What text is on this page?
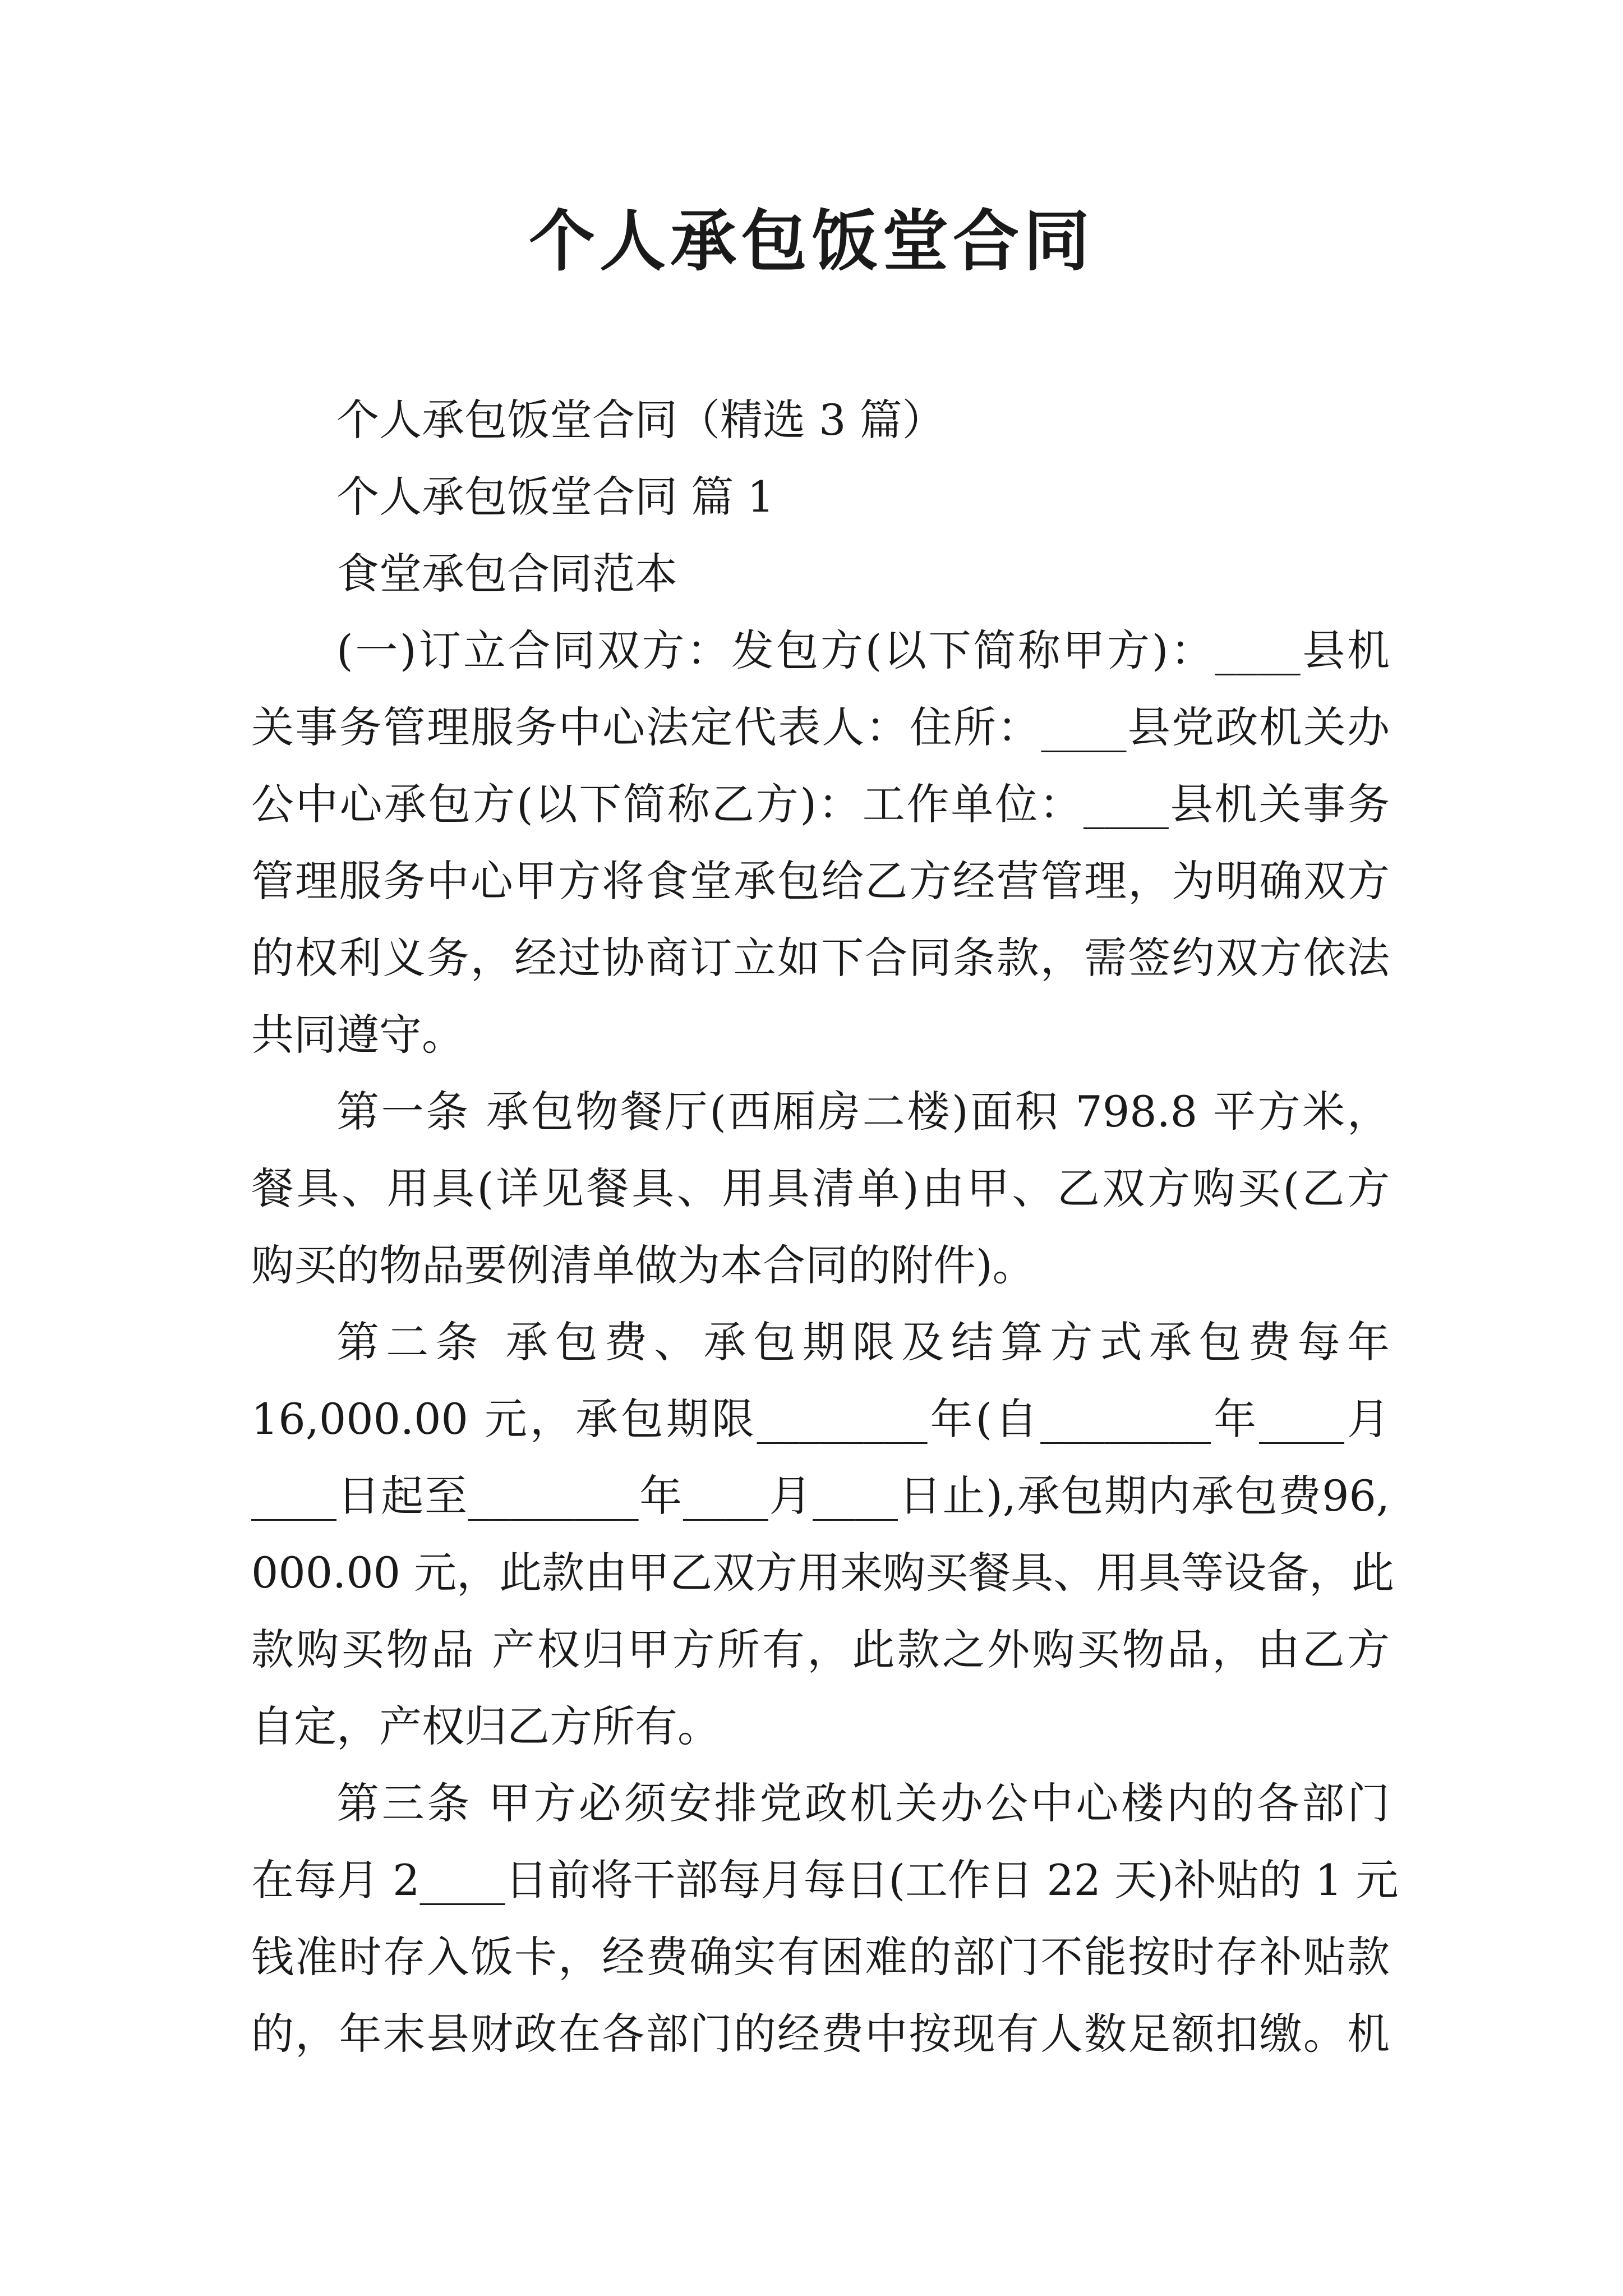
个人承包饭堂合同
个人承包饭堂合同（精选 3 篇）
个人承包饭堂合同 篇 1
食堂承包合同范本
(一)订立合同双方：发包方(以下简称甲方)：____县机
关事务管理服务中心法定代表人：住所：____县党政机关办
公中心承包方(以下简称乙方)：工作单位：____县机关事务
管理服务中心甲方将食堂承包给乙方经营管理，为明确双方
的权利义务，经过协商订立如下合同条款，需签约双方依法
共同遵守。
第一条 承包物餐厅(西厢房二楼)面积 798.8 平方米，
餐具、用具(详见餐具、用具清单)由甲、乙双方购买(乙方
购买的物品要例清单做为本合同的附件)。
第二条 承包费、承包期限及结算方式承包费每年
16,000.00 元，承包期限________年(自________年____月
____日起至________年____月____日止),承包期内承包费96,
000.00 元，此款由甲乙双方用来购买餐具、用具等设备，此
款购买物品 产权归甲方所有，此款之外购买物品，由乙方
自定，产权归乙方所有。
第三条 甲方必须安排党政机关办公中心楼内的各部门
在每月 2____日前将干部每月每日(工作日 22 天)补贴的 1 元
钱准时存入饭卡，经费确实有困难的部门不能按时存补贴款
的，年末县财政在各部门的经费中按现有人数足额扣缴。机
